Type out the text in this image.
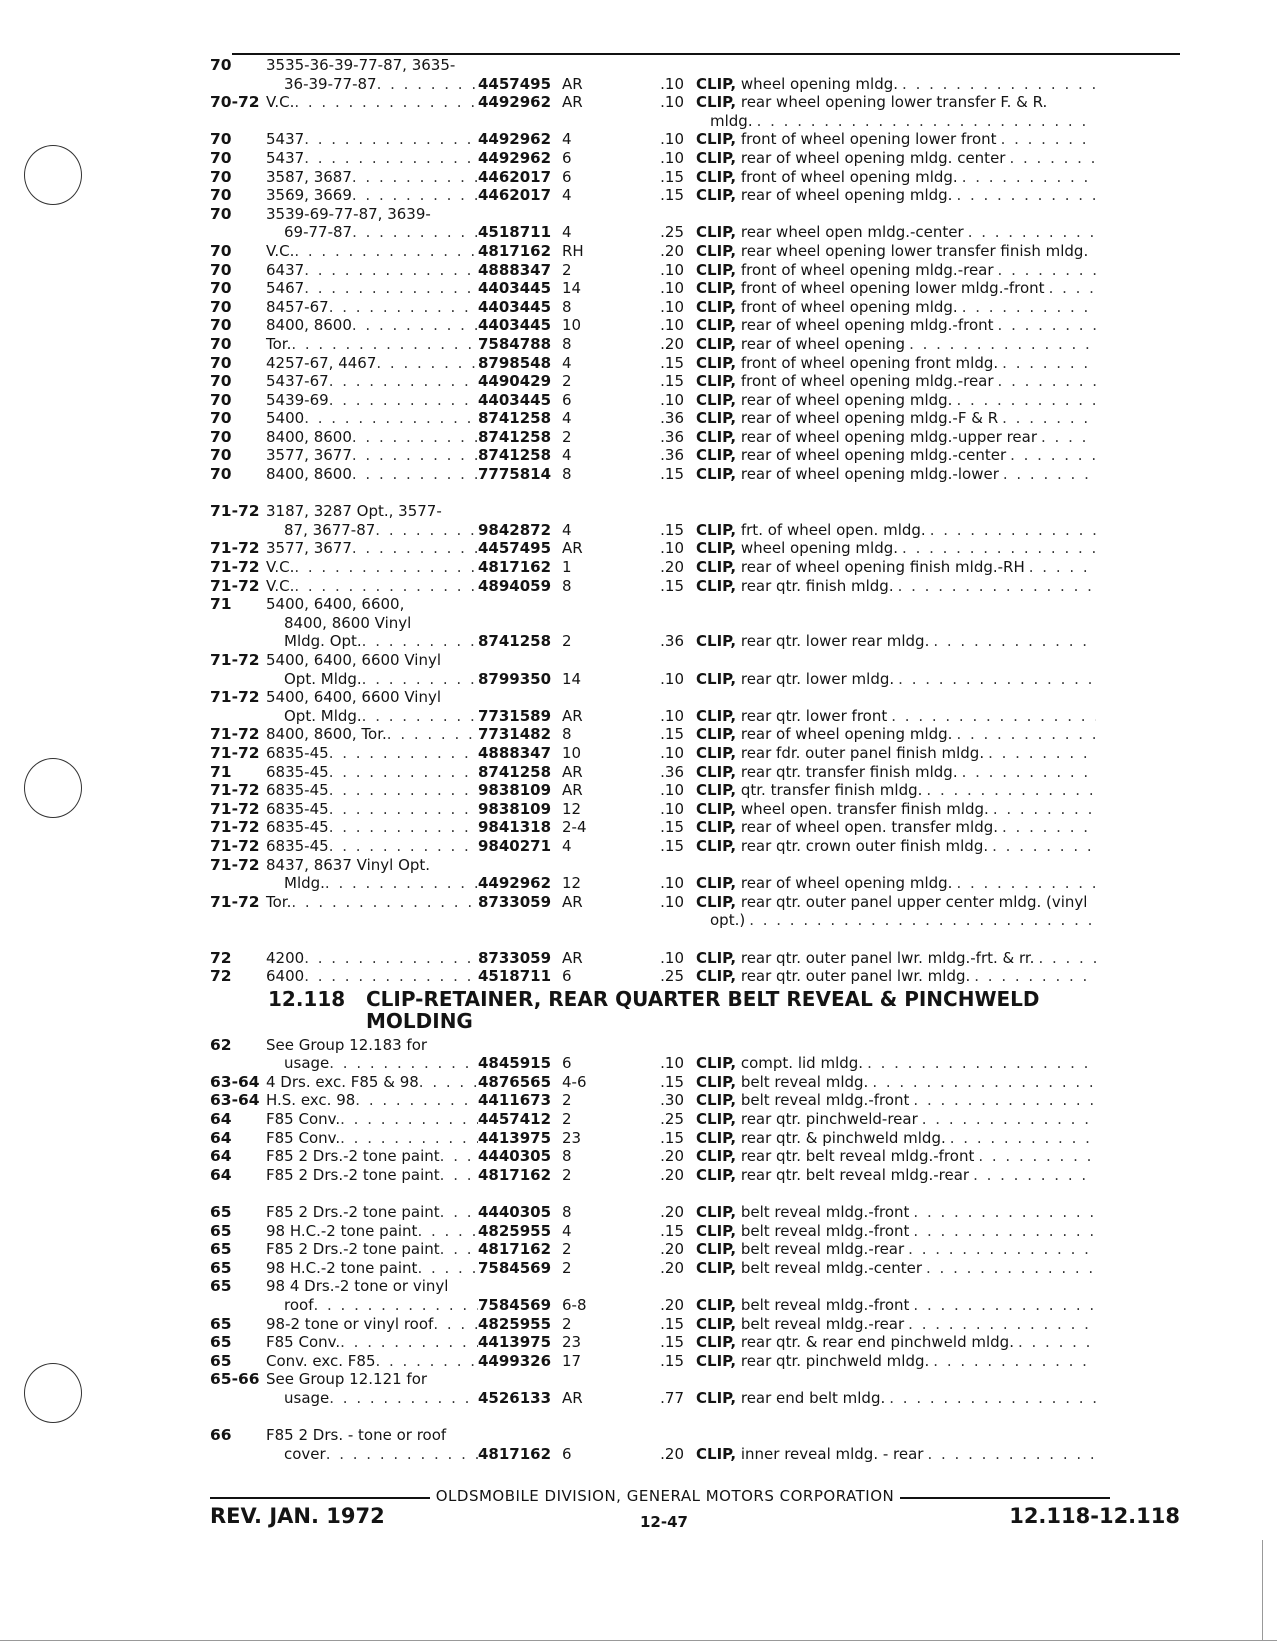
70	3535-36-39-77-87, 3635-
36-39-77-87 . . .	4457495 AR	.10 CLIP, wheel opening mldg.
. . .
70-72 V.C. . . .	4492962 AR	.10 CLIP, rear wheel opening lower transfer F. & R.
mldg.
. . .
70	5437 . . .	4492962 4	.10 CLIP, front of wheel opening lower front
. . .
70	5437 . . .	4492962 6	.10 CLIP, rear of wheel opening mldg. center
. . .
70	3587, 3687 . . .	4462017 6	.15 CLIP, front of wheel opening mldg.
. . .
70	3569, 3669 . . .	4462017 4	.15 CLIP, rear of wheel opening mldg.
. . .
70	3539-69-77-87, 3639-
69-77-87 . . .	4518711 4	.25 CLIP, rear wheel open mldg.-center
. . .
70	V.C. . . .	4817162 RH	.20 CLIP, rear wheel opening lower transfer finish mldg.
70	6437 . . .	4888347 2	.10 CLIP, front of wheel opening mldg.-rear
. . .
70	5467 . . .	4403445 14	.10 CLIP, front of wheel opening lower mldg.-front
. . .
70	8457-67 . . .	4403445 8	.10 CLIP, front of wheel opening mldg.
. . .
70	8400, 8600 . . .	4403445 10	.10 CLIP, rear of wheel opening mldg.-front
. . .
70	Tor. . . .	7584788 8	.20 CLIP, rear of wheel opening
. . .
70	4257-67, 4467 . . .	8798548 4	.15 CLIP, front of wheel opening front mldg.
. . .
70	5437-67 . . .	4490429 2	.15 CLIP, front of wheel opening mldg.-rear
. . .
70	5439-69 . . .	4403445 6	.10 CLIP, rear of wheel opening mldg.
. . .
70	5400 . . .	8741258 4	.36 CLIP, rear of wheel opening mldg.-F & R
. . .
70	8400, 8600 . . .	8741258 2	.36 CLIP, rear of wheel opening mldg.-upper rear
. . .
70	3577, 3677 . . .	8741258 4	.36 CLIP, rear of wheel opening mldg.-center
. . .
70	8400, 8600 . . .	7775814 8	.15 CLIP, rear of wheel opening mldg.-lower
. . .
71-72 3187, 3287 Opt., 3577-
87, 3677-87 . . .	9842872 4	.15 CLIP, frt. of wheel open. mldg.
. . .
71-72 3577, 3677 . . .	4457495 AR	.10 CLIP, wheel opening mldg.
. . .
71-72 V.C. . . .	4817162 1	.20 CLIP, rear of wheel opening finish mldg.-RH
. . .
71-72 V.C. . . .	4894059 8	.15 CLIP, rear qtr. finish mldg.
. . .
71	5400, 6400, 6600,
8400, 8600 Vinyl
Mldg. Opt. . . .	8741258 2	.36 CLIP, rear qtr. lower rear mldg.
. . .
71-72 5400, 6400, 6600 Vinyl
Opt. Mldg. . . .	8799350 14	.10 CLIP, rear qtr. lower mldg.
. . .
71-72 5400, 6400, 6600 Vinyl
Opt. Mldg. . . .	7731589 AR	.10 CLIP, rear qtr. lower front
. . .
71-72 8400, 8600, Tor. . . .	7731482 8	.15 CLIP, rear of wheel opening mldg.
. . .
71-72 6835-45 . . .	4888347 10	.10 CLIP, rear fdr. outer panel finish mldg.
. . .
71	6835-45 . . .	8741258 AR	.36 CLIP, rear qtr. transfer finish mldg.
. . .
71-72 6835-45 . . .	9838109 AR	.10 CLIP, qtr. transfer finish mldg.
. . .
71-72 6835-45 . . .	9838109 12	.10 CLIP, wheel open. transfer finish mldg.
. . .
71-72 6835-45 . . .	9841318 2-4	.15 CLIP, rear of wheel open. transfer mldg.
. . .
71-72 6835-45 . . .	9840271 4	.15 CLIP, rear qtr. crown outer finish mldg.
. . .
71-72 8437, 8637 Vinyl Opt.
Mldg. . . .	4492962 12	.10 CLIP, rear of wheel opening mldg.
. . .
71-72 Tor. . . .	8733059 AR	.10 CLIP, rear qtr. outer panel upper center mldg. (vinyl
opt.)
. . .
72	4200 . . .	8733059 AR	.10 CLIP, rear qtr. outer panel lwr. mldg.-frt. & rr.
. . .
72	6400 . . .	4518711 6	.25 CLIP, rear qtr. outer panel lwr. mldg.
. . .
12.118 CLIP-RETAINER, REAR QUARTER BELT REVEAL & PINCHWELD
MOLDING
62	See Group 12.183 for
usage . . .	4845915 6	.10 CLIP, compt. lid mldg.
. . .
63-64 4 Drs. exc. F85 & 98 . . .	4876565 4-6	.15 CLIP, belt reveal mldg.
. . .
63-64 H.S. exc. 98 . . .	4411673 2	.30 CLIP, belt reveal mldg.-front
. . .
64	F85 Conv. . . .	4457412 2	.25 CLIP, rear qtr. pinchweld-rear
. . .
64	F85 Conv. . . .	4413975 23	.15 CLIP, rear qtr. & pinchweld mldg.
. . .
64	F85 2 Drs.-2 tone paint . . .	4440305 8	.20 CLIP, rear qtr. belt reveal mldg.-front
. . .
64	F85 2 Drs.-2 tone paint . . .	4817162 2	.20 CLIP, rear qtr. belt reveal mldg.-rear
. . .
65	F85 2 Drs.-2 tone paint . . .	4440305 8	.20 CLIP, belt reveal mldg.-front
. . .
65	98 H.C.-2 tone paint . . .	4825955 4	.15 CLIP, belt reveal mldg.-front
. . .
65	F85 2 Drs.-2 tone paint . . .	4817162 2	.20 CLIP, belt reveal mldg.-rear
. . .
65	98 H.C.-2 tone paint . . .	7584569 2	.20 CLIP, belt reveal mldg.-center
. . .
65	98 4 Drs.-2 tone or vinyl
roof . . .	7584569 6-8	.20 CLIP, belt reveal mldg.-front
. . .
65	98-2 tone or vinyl roof . . .	4825955 2	.15 CLIP, belt reveal mldg.-rear
. . .
65	F85 Conv. . . .	4413975 23	.15 CLIP, rear qtr. & rear end pinchweld mldg.
. . .
65	Conv. exc. F85 . . .	4499326 17	.15 CLIP, rear qtr. pinchweld mldg.
. . .
65-66 See Group 12.121 for
usage . . .	4526133 AR	.77 CLIP, rear end belt mldg.
. . .
66	F85 2 Drs. - tone or roof
cover . . .	4817162 6	.20 CLIP, inner reveal mldg. - rear
. . .
OLDSMOBILE DIVISION, GENERAL MOTORS CORPORATION
REV. JAN. 1972	12-47	12.118-12.118
